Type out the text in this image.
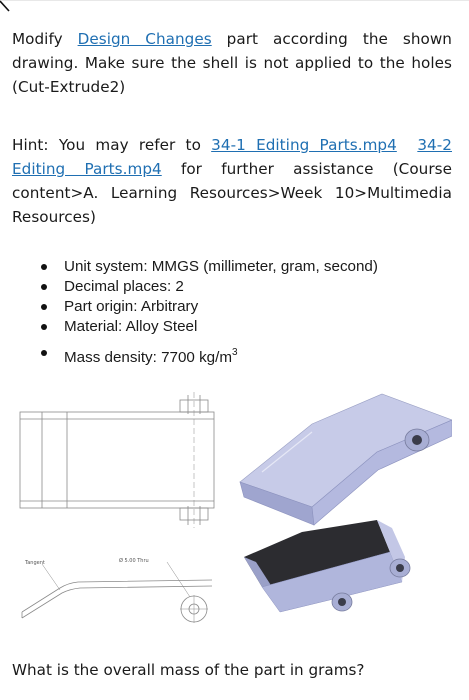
Modify Design Changes part according the shown drawing. Make sure the shell is not applied to the holes (Cut-Extrude2)

Hint: You may refer to 34-1 Editing Parts.mp4 34-2 Editing Parts.mp4 for further assistance (Course content>A. Learning Resources>Week 10>Multimedia Resources)

Unit system: MMGS (millimeter, gram, second)
Decimal places: 2
Part origin: Arbitrary
Material: Alloy Steel
Mass density: 7700 $kg/m^3$
Tangent	Ø 5.00 Thru
What is the overall mass of the part in grams?
